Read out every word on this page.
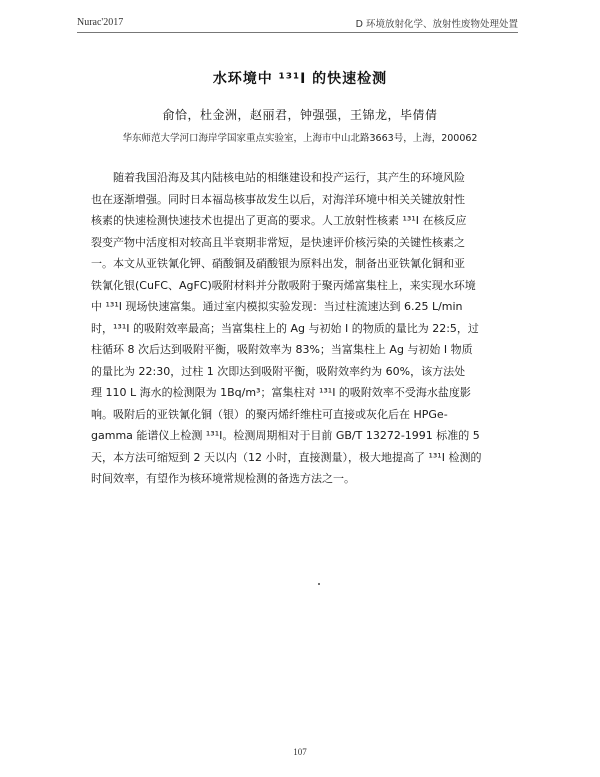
Nurac'2017	D 环境放射化学、放射性废物处理处置
水环境中 ¹³¹I 的快速检测
俞恰，杜金洲，赵丽君，钟强强，王锦龙，毕倩倩
华东师范大学河口海岸学国家重点实验室，上海市中山北路3663号，上海，200062
随着我国沿海及其内陆核电站的相继建设和投产运行，其产生的环境风险
也在逐渐增强。同时日本福岛核事故发生以后，对海洋环境中相关关键放射性
核素的快速检测快速技术也提出了更高的要求。人工放射性核素 ¹³¹I 在核反应
裂变产物中活度相对较高且半衰期非常短，是快速评价核污染的关键性核素之
一。本文从亚铁氰化钾、硝酸铜及硝酸银为原料出发，制备出亚铁氰化铜和亚
铁氰化银(CuFC、AgFC)吸附材料并分散吸附于聚丙烯富集柱上，来实现水环境
中 ¹³¹I 现场快速富集。通过室内模拟实验发现：当过柱流速达到 6.25 L/min
时，¹³¹I 的吸附效率最高；当富集柱上的 Ag 与初始 I 的物质的量比为 22:5，过
柱循环 8 次后达到吸附平衡，吸附效率为 83%；当富集柱上 Ag 与初始 I 物质
的量比为 22:30，过柱 1 次即达到吸附平衡，吸附效率约为 60%，该方法处
理 110 L 海水的检测限为 1Bq/m³；富集柱对 ¹³¹I 的吸附效率不受海水盐度影
响。吸附后的亚铁氰化铜（银）的聚丙烯纤维柱可直接或灰化后在 HPGe-
gamma 能谱仪上检测 ¹³¹I。检测周期相对于目前 GB/T 13272-1991 标准的 5
天，本方法可缩短到 2 天以内（12 小时，直接测量），极大地提高了 ¹³¹I 检测的
时间效率，有望作为核环境常规检测的备选方法之一。
107
